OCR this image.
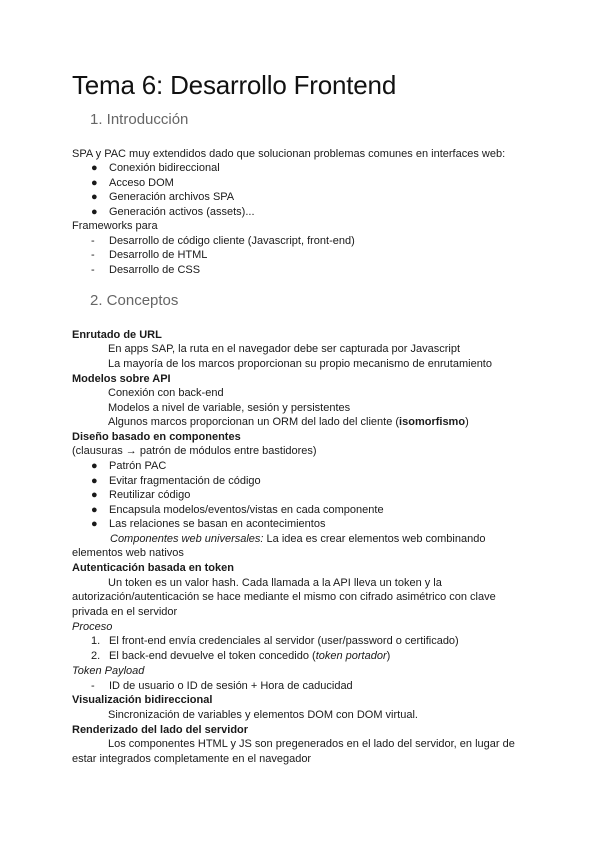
Tema 6: Desarrollo Frontend
1. Introducción
SPA y PAC muy extendidos dado que solucionan problemas comunes en interfaces web:
● Conexión bidireccional
● Acceso DOM
● Generación archivos SPA
● Generación activos (assets)...
Frameworks para
- Desarrollo de código cliente (Javascript, front-end)
- Desarrollo de HTML
- Desarrollo de CSS
2. Conceptos
Enrutado de URL
En apps SAP, la ruta en el navegador debe ser capturada por Javascript
La mayoría de los marcos proporcionan su propio mecanismo de enrutamiento
Modelos sobre API
Conexión con back-end
Modelos a nivel de variable, sesión y persistentes
Algunos marcos proporcionan un ORM del lado del cliente (isomorfismo)
Diseño basado en componentes
(clausuras → patrón de módulos entre bastidores)
● Patrón PAC
● Evitar fragmentación de código
● Reutilizar código
● Encapsula modelos/eventos/vistas en cada componente
● Las relaciones se basan en acontecimientos
Componentes web universales: La idea es crear elementos web combinando
elementos web nativos
Autenticación basada en token
Un token es un valor hash. Cada llamada a la API lleva un token y la
autorización/autenticación se hace mediante el mismo con cifrado asimétrico con clave
privada en el servidor
Proceso
1. El front-end envía credenciales al servidor (user/password o certificado)
2. El back-end devuelve el token concedido (token portador)
Token Payload
- ID de usuario o ID de sesión + Hora de caducidad
Visualización bidireccional
Sincronización de variables y elementos DOM con DOM virtual.
Renderizado del lado del servidor
Los componentes HTML y JS son pregenerados en el lado del servidor, en lugar de
estar integrados completamente en el navegador
